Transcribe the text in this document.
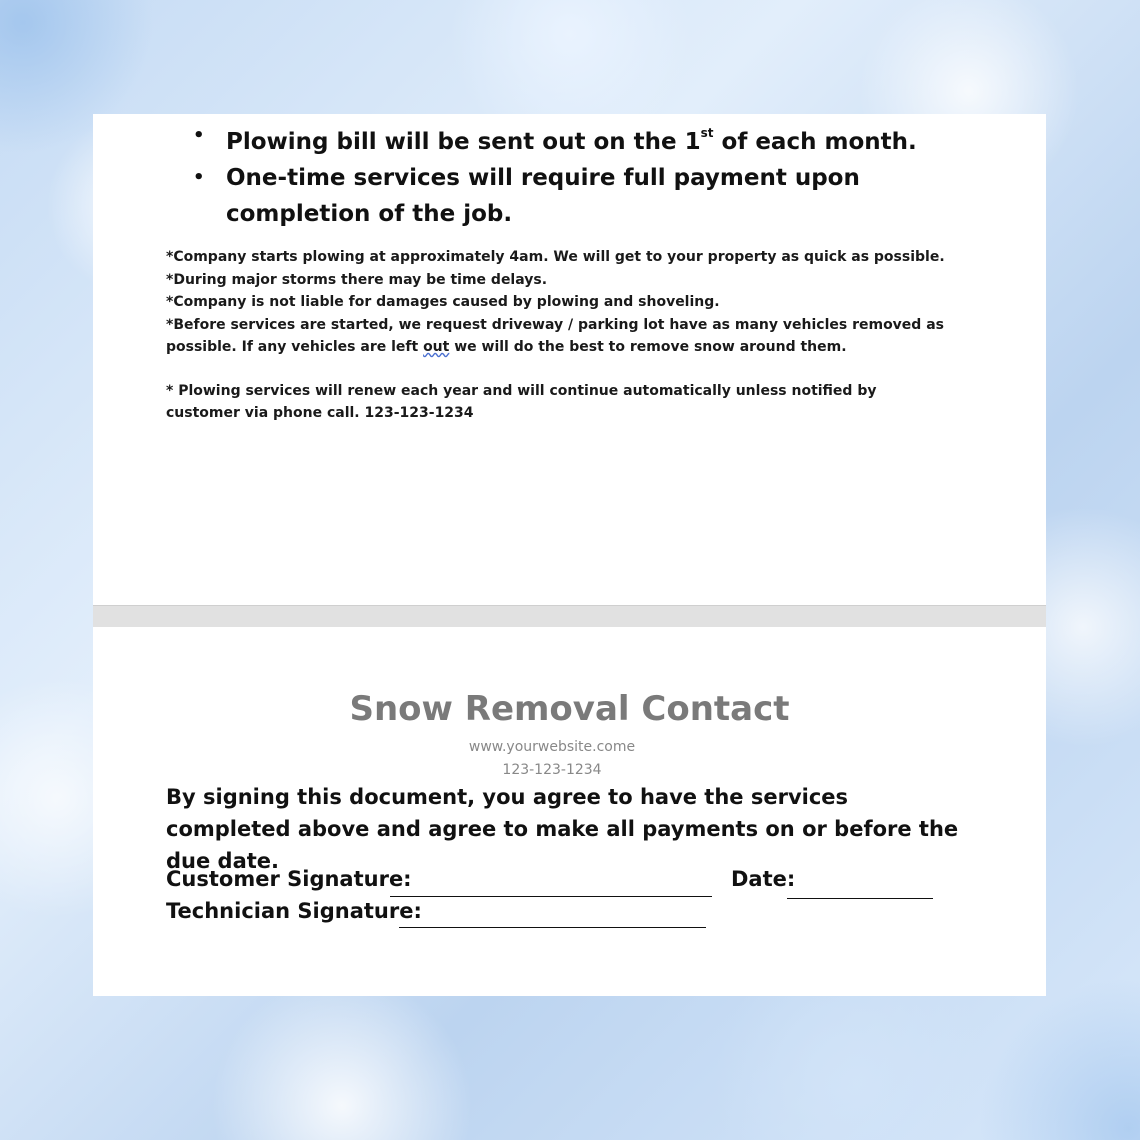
• Plowing bill will be sent out on the 1st of each month.
• One-time services will require full payment upon completion of the job.

*Company starts plowing at approximately 4am. We will get to your property as quick as possible.

*During major storms there may be time delays.

*Company is not liable for damages caused by plowing and shoveling.

*Before services are started, we request driveway / parking lot have as many vehicles removed as possible. If any vehicles are left out we will do the best to remove snow around them.

* Plowing services will renew each year and will continue automatically unless notified by customer via phone call. 123-123-1234

Snow Removal Contact

www.yourwebsite.come

123-123-1234

By signing this document, you agree to have the services completed above and agree to make all payments on or before the due date.

Customer Signature:	Date:
Technician Signature:
